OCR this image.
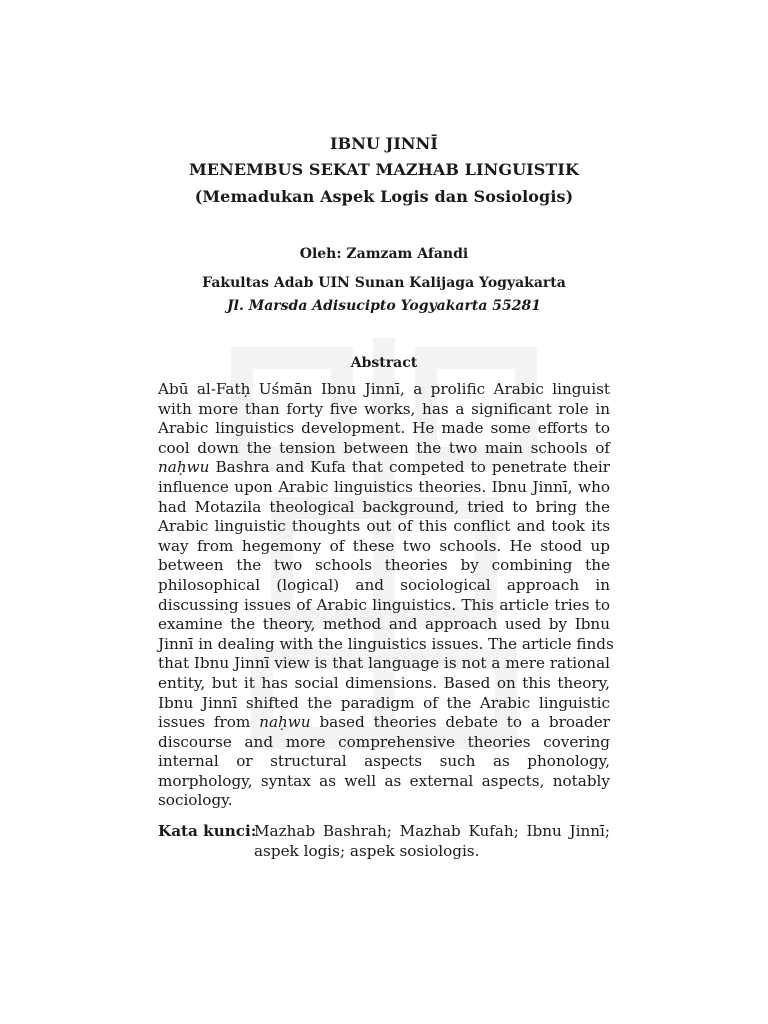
IBNU JINNĪ
MENEMBUS SEKAT MAZHAB LINGUISTIK
(Memadukan Aspek Logis dan Sosiologis)
Oleh: Zamzam Afandi
Fakultas Adab UIN Sunan Kalijaga Yogyakarta
Jl. Marsda Adisucipto Yogyakarta 55281
Abstract
Abū al-Fatḥ Uśmān Ibnu Jinnī, a prolific Arabic linguist
with more than forty five works, has a significant role in
Arabic linguistics development. He made some efforts to
cool down the tension between the two main schools of
naḥwu Bashra and Kufa that competed to penetrate their
influence upon Arabic linguistics theories. Ibnu Jinnī, who
had Motazila theological background, tried to bring the
Arabic linguistic thoughts out of this conflict and took its
way from hegemony of these two schools. He stood up
between the two schools theories by combining the
philosophical (logical) and sociological approach in
discussing issues of Arabic linguistics. This article tries to
examine the theory, method and approach used by Ibnu
Jinnī in dealing with the linguistics issues. The article finds
that Ibnu Jinnī view is that language is not a mere rational
entity, but it has social dimensions. Based on this theory,
Ibnu Jinnī shifted the paradigm of the Arabic linguistic
issues from naḥwu based theories debate to a broader
discourse and more comprehensive theories covering
internal or structural aspects such as phonology,
morphology, syntax as well as external aspects, notably
sociology.
Kata kunci:
Mazhab Bashrah; Mazhab Kufah; Ibnu Jinnī;
aspek logis; aspek sosiologis.
